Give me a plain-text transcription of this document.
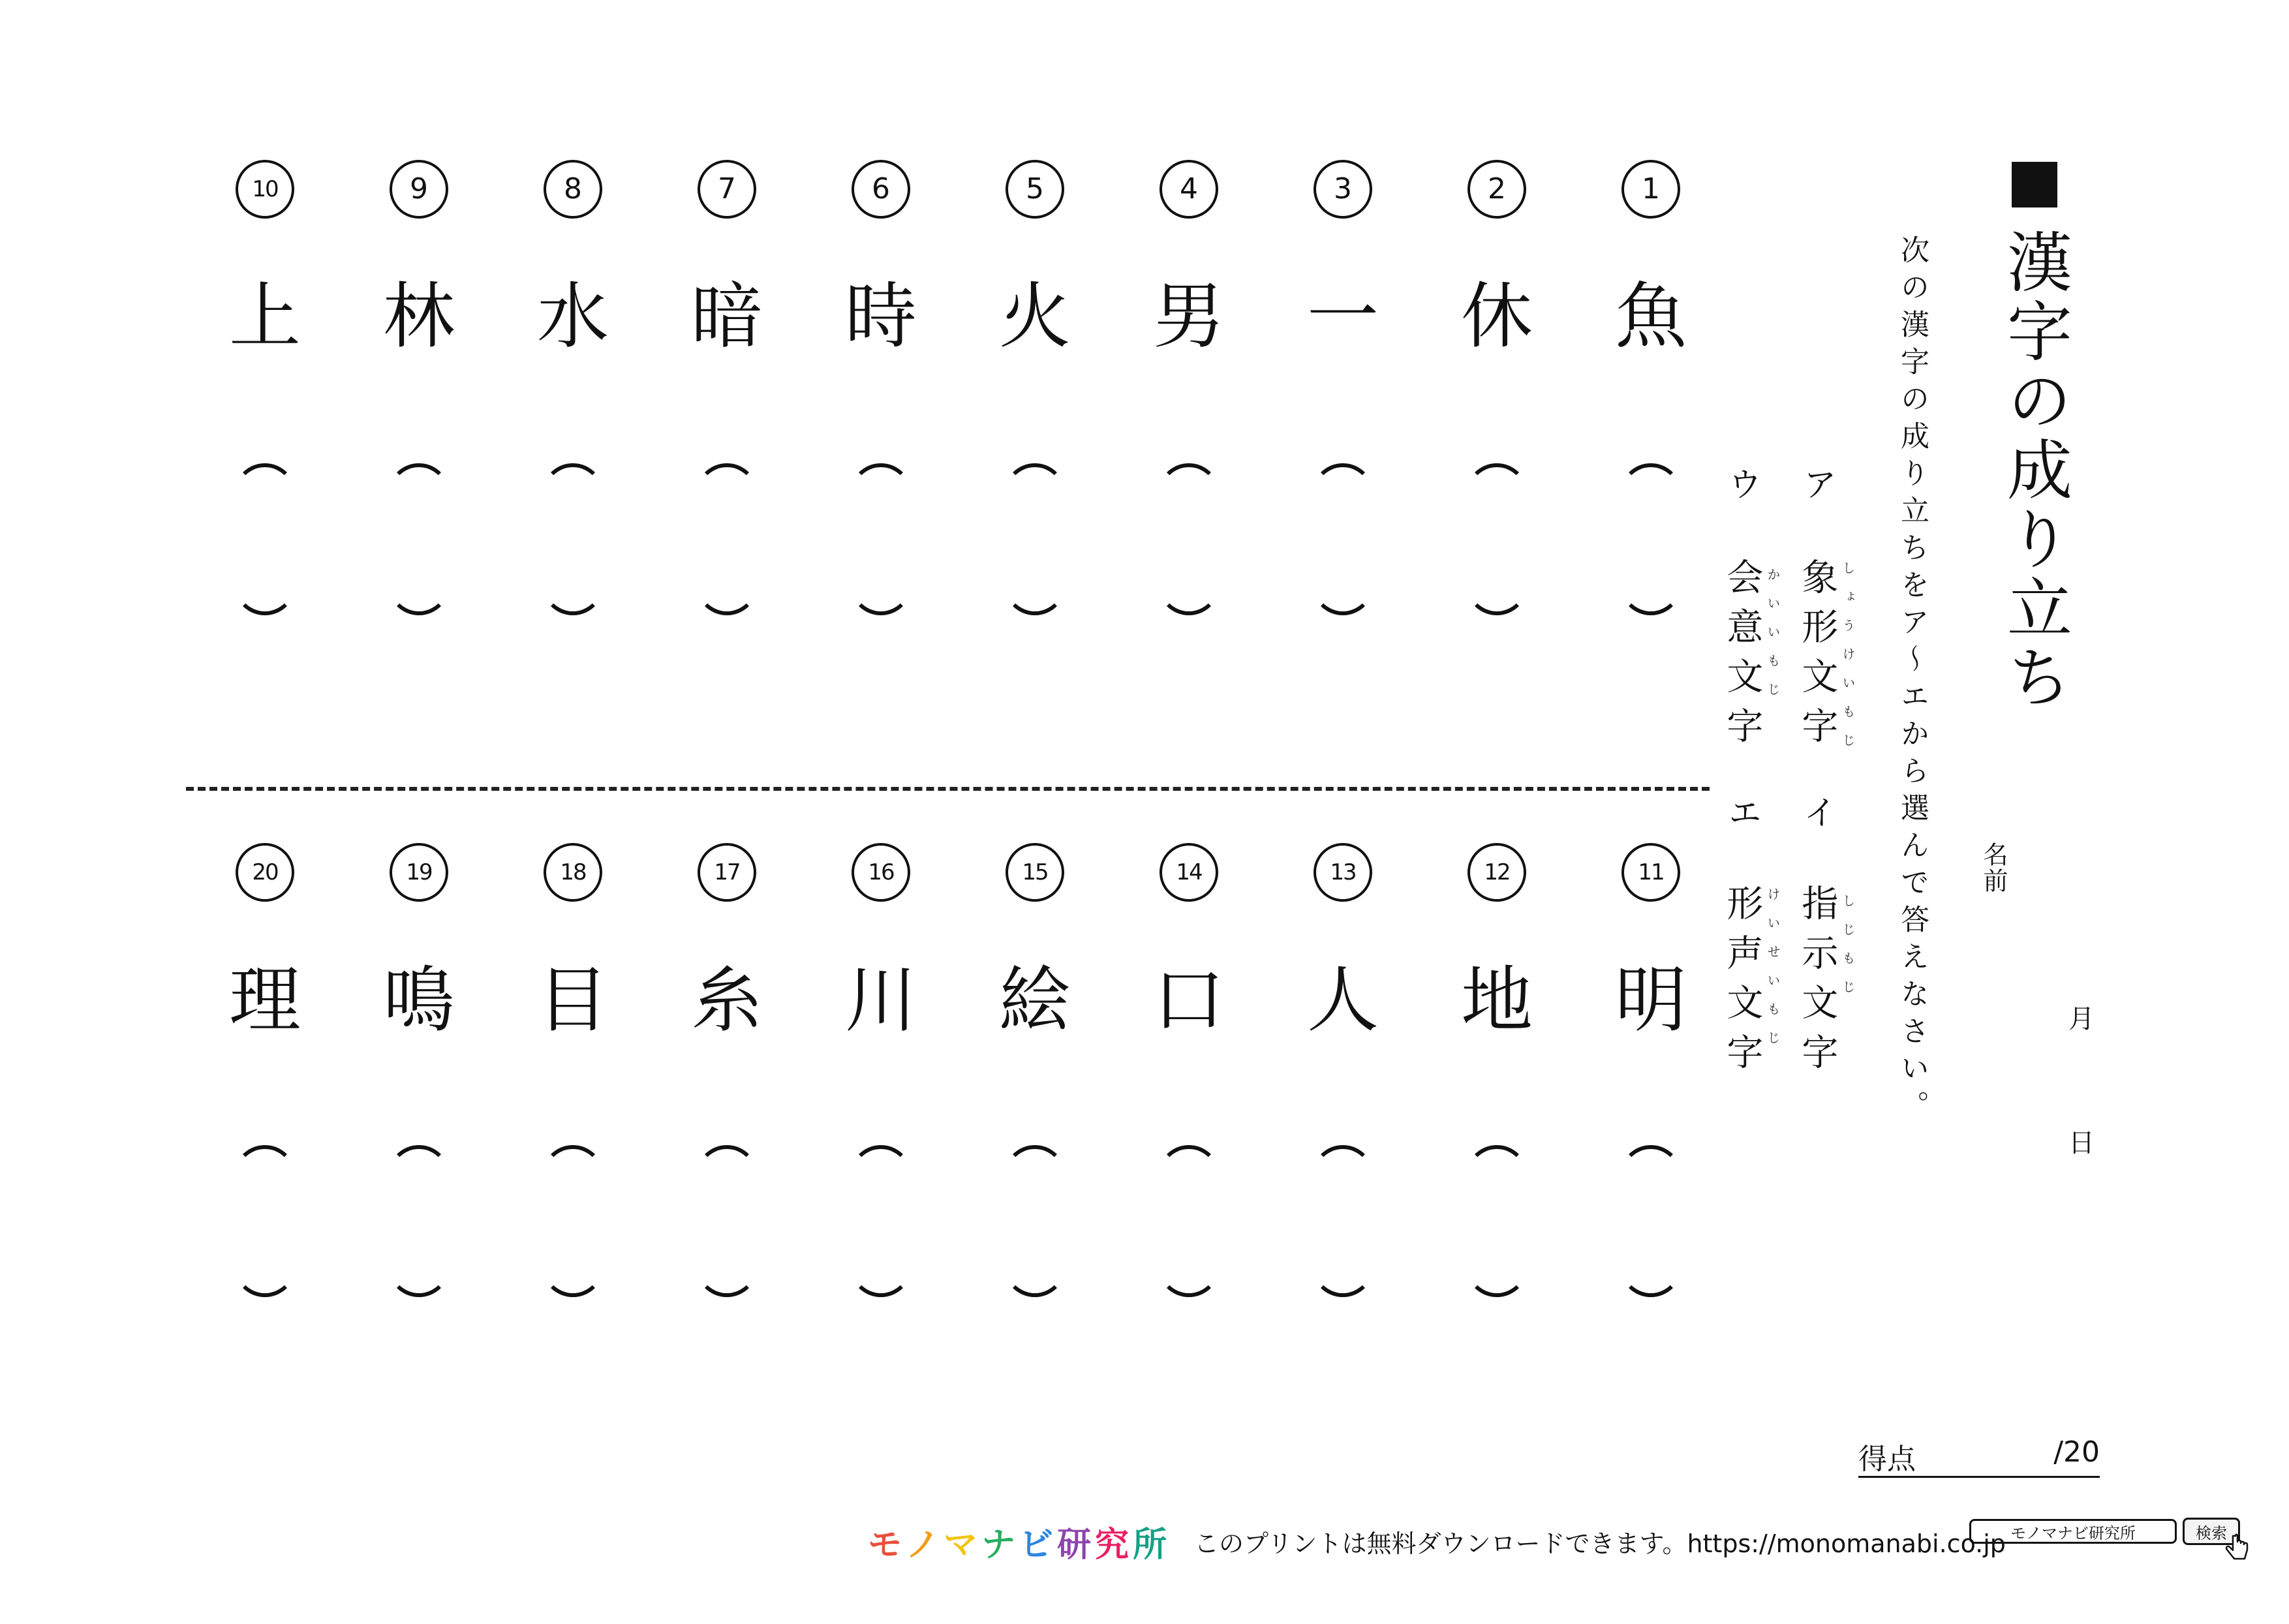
1
魚
2
休
3
一
4
男
5
火
6
時
7
暗
8
水
9
林
10
上
11
明
12
地
13
人
14
口
15
絵
16
川
17
糸
18
目
19
鳴
20
理
漢字の成り立ち
次の漢字の成り立ちをア～エから選んで答えなさい。
ア
象形文字 しょうけいもじ
イ
指示文字 しじもじ
ウ
会意文字 かいいもじ
エ
形声文字 けいせいもじ
名前
月
日
得点	/20
モノマナビ研究所 このプリントは無料ダウンロードできます。https://monomanabi.co.jp モノマナビ研究所	検索
